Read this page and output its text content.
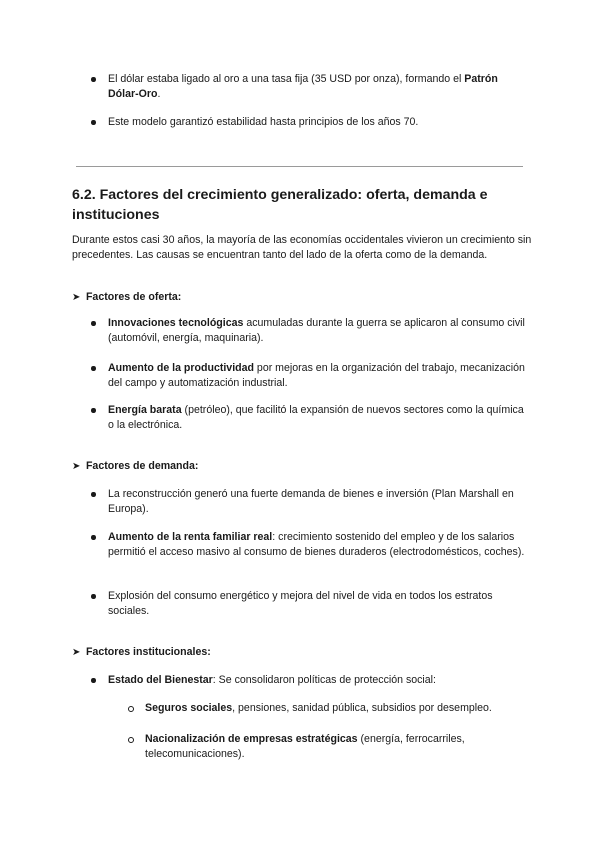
El dólar estaba ligado al oro a una tasa fija (35 USD por onza), formando el Patrón Dólar-Oro.
Este modelo garantizó estabilidad hasta principios de los años 70.
6.2. Factores del crecimiento generalizado: oferta, demanda e instituciones
Durante estos casi 30 años, la mayoría de las economías occidentales vivieron un crecimiento sin precedentes. Las causas se encuentran tanto del lado de la oferta como de la demanda.
➤ Factores de oferta:
Innovaciones tecnológicas acumuladas durante la guerra se aplicaron al consumo civil (automóvil, energía, maquinaria).
Aumento de la productividad por mejoras en la organización del trabajo, mecanización del campo y automatización industrial.
Energía barata (petróleo), que facilitó la expansión de nuevos sectores como la química o la electrónica.
➤ Factores de demanda:
La reconstrucción generó una fuerte demanda de bienes e inversión (Plan Marshall en Europa).
Aumento de la renta familiar real: crecimiento sostenido del empleo y de los salarios permitió el acceso masivo al consumo de bienes duraderos (electrodomésticos, coches).
Explosión del consumo energético y mejora del nivel de vida en todos los estratos sociales.
➤ Factores institucionales:
Estado del Bienestar: Se consolidaron políticas de protección social:
Seguros sociales, pensiones, sanidad pública, subsidios por desempleo.
Nacionalización de empresas estratégicas (energía, ferrocarriles, telecomunicaciones).
